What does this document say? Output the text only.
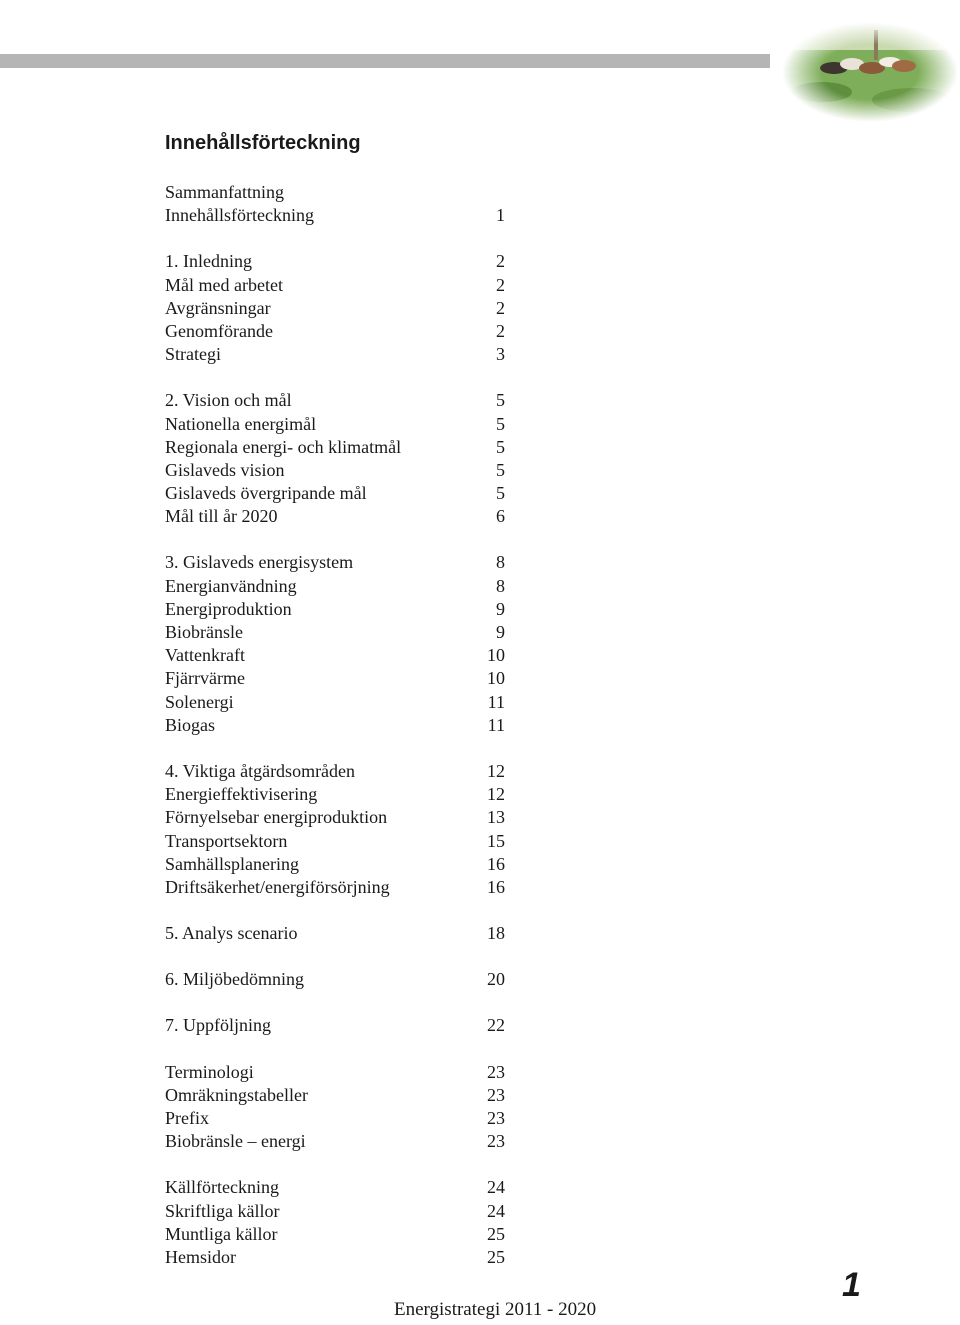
Innehållsförteckning
Sammanfattning
Innehållsförteckning	1
1. Inledning	2
Mål med arbetet	2
Avgränsningar	2
Genomförande	2
Strategi	3
2. Vision och mål	5
Nationella energimål	5
Regionala energi- och klimatmål	5
Gislaveds vision	5
Gislaveds övergripande mål	5
Mål till år 2020	6
3. Gislaveds energisystem	8
Energianvändning	8
Energiproduktion	9
Biobränsle	9
Vattenkraft	10
Fjärrvärme	10
Solenergi	11
Biogas	11
4. Viktiga åtgärdsområden	12
Energieffektivisering	12
Förnyelsebar energiproduktion	13
Transportsektorn	15
Samhällsplanering	16
Driftsäkerhet/energiförsörjning	16
5. Analys scenario	18
6. Miljöbedömning	20
7. Uppföljning	22
Terminologi	23
Omräkningstabeller	23
Prefix	23
Biobränsle – energi	23
Källförteckning	24
Skriftliga källor	24
Muntliga källor	25
Hemsidor	25
1
Energistrategi 2011 - 2020
